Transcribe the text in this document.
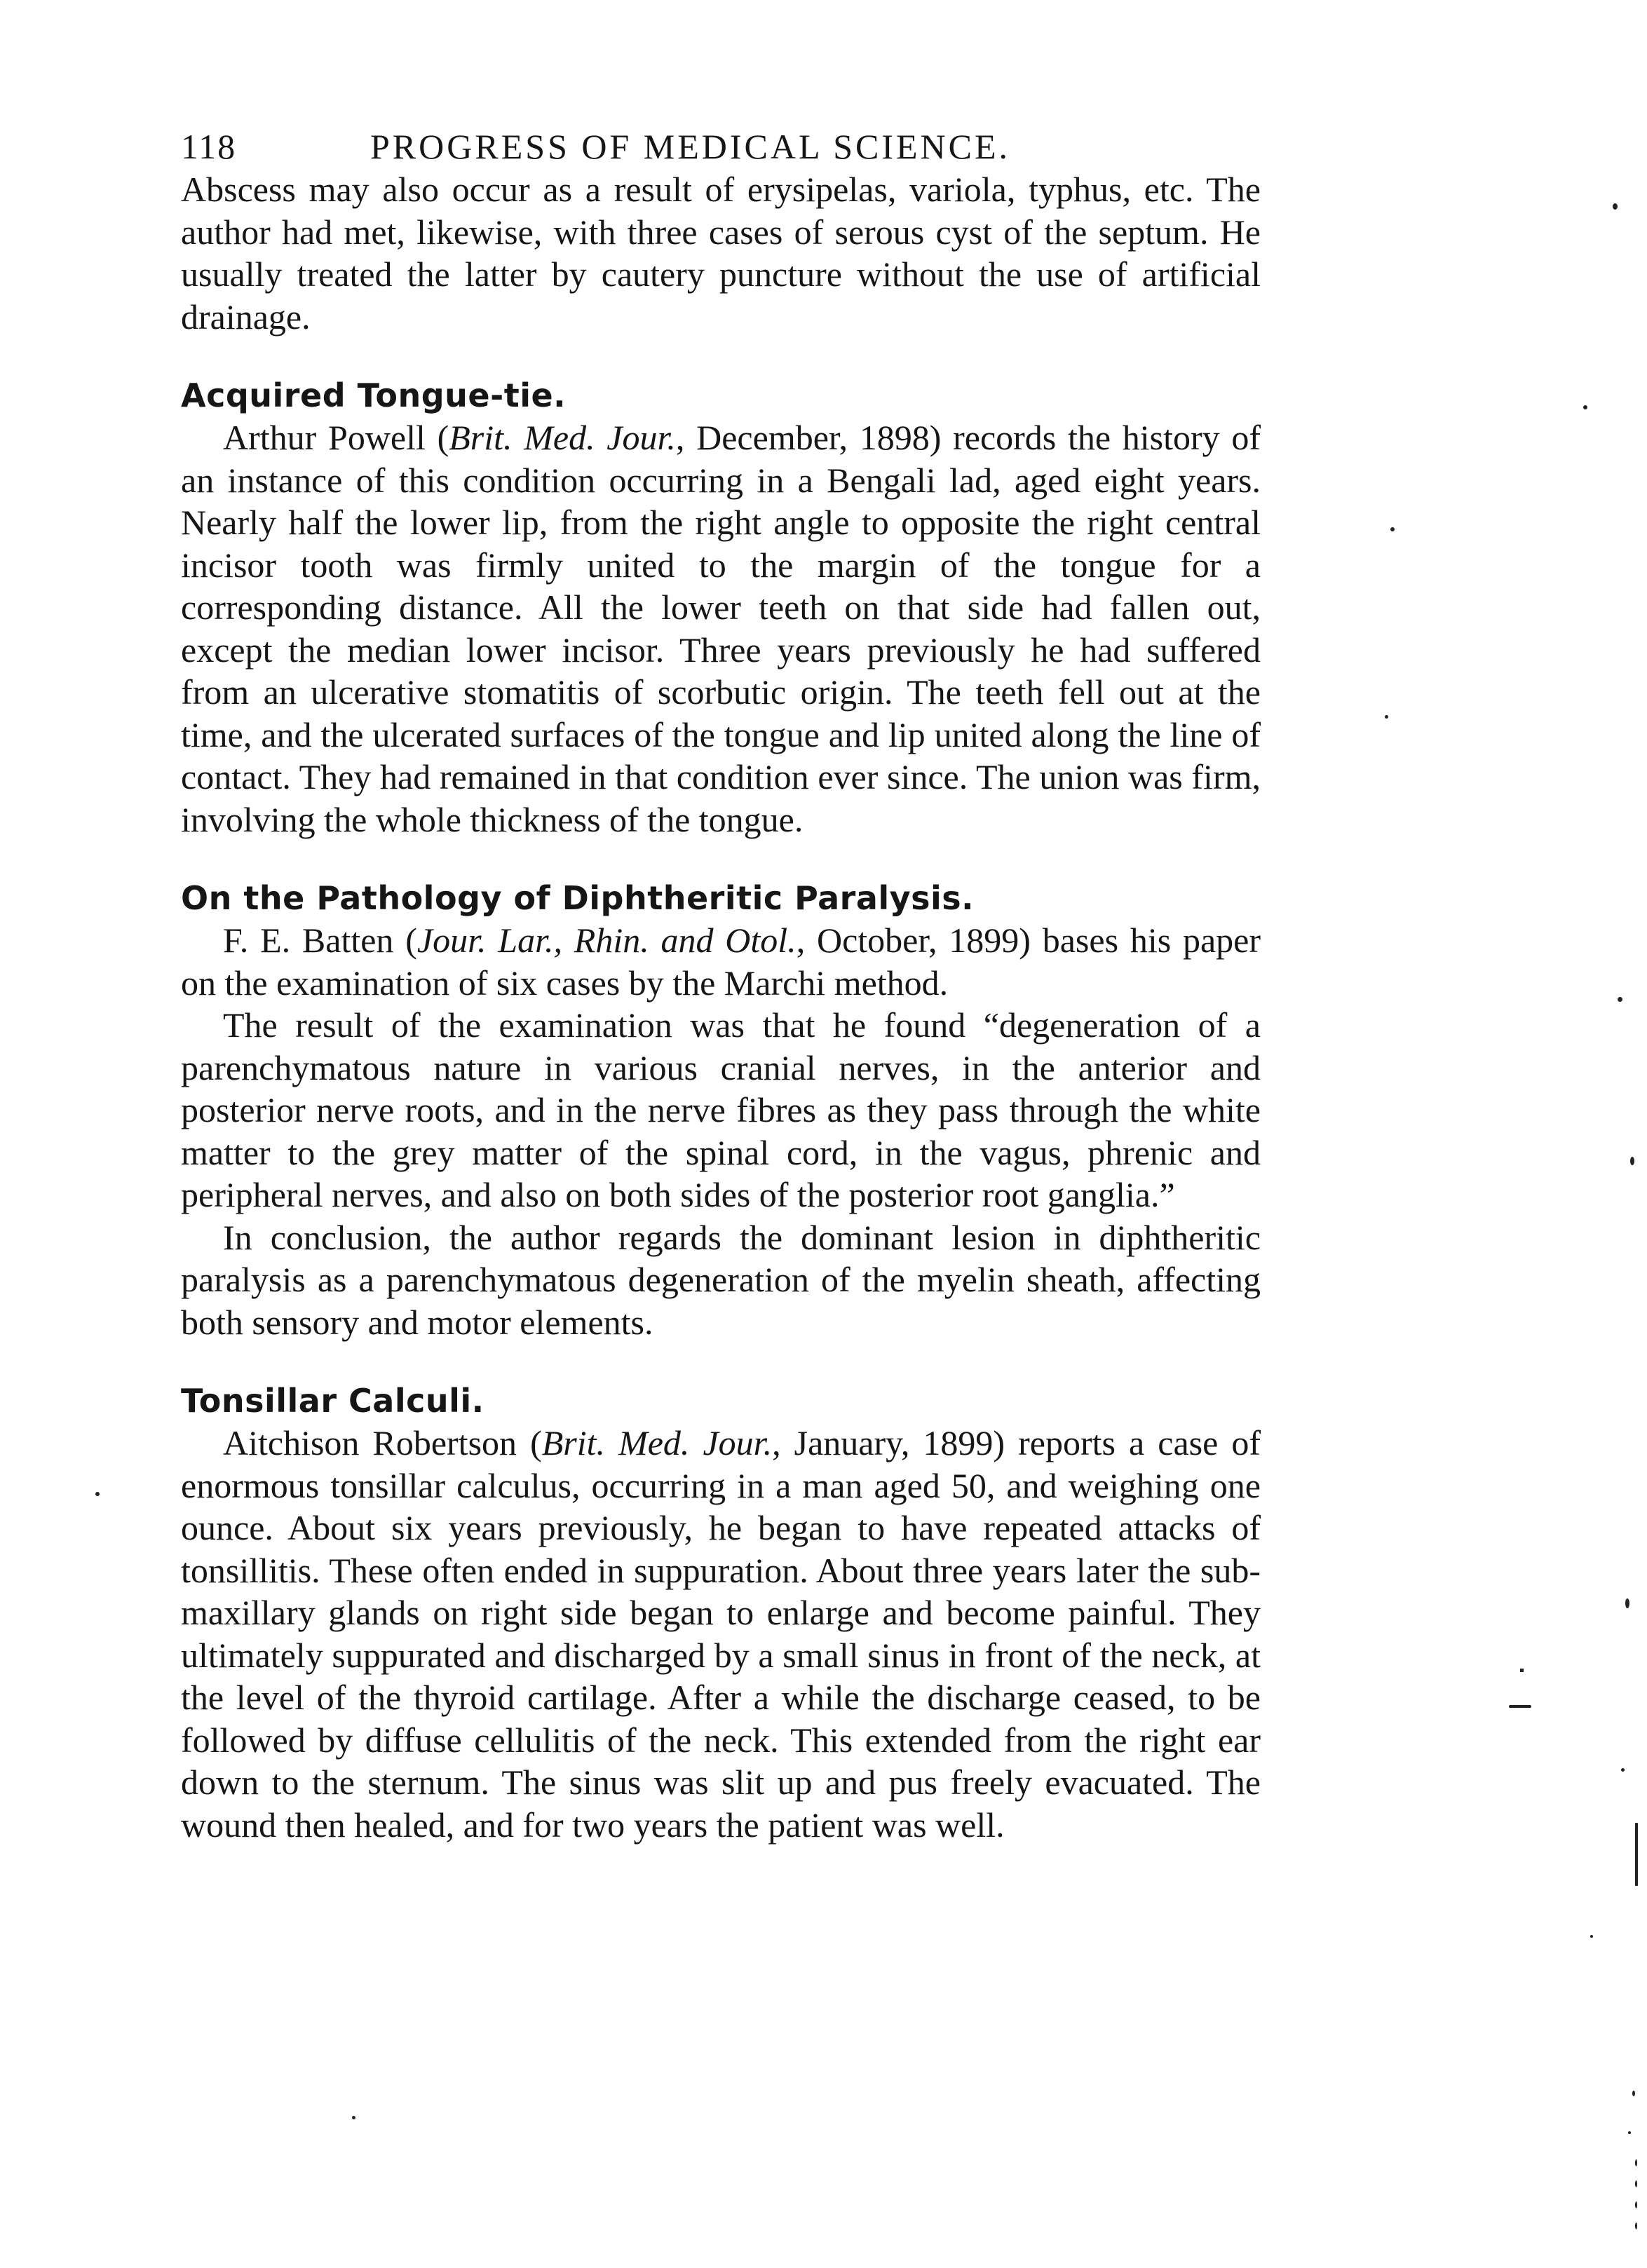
118	PROGRESS OF MEDICAL SCIENCE.

Abscess may also occur as a result of erysipelas, variola, typhus, etc. The author had met, likewise, with three cases of serous cyst of the septum. He usually treated the latter by cautery puncture without the use of artificial drainage.

Acquired Tongue-tie.

Arthur Powell (Brit. Med. Jour., December, 1898) records the history of an instance of this condition occurring in a Bengali lad, aged eight years. Nearly half the lower lip, from the right angle to opposite the right central incisor tooth was firmly united to the margin of the tongue for a corresponding distance. All the lower teeth on that side had fallen out, except the median lower incisor. Three years previously he had suffered from an ulcerative stomatitis of scorbutic origin. The teeth fell out at the time, and the ulcerated surfaces of the tongue and lip united along the line of contact. They had remained in that condition ever since. The union was firm, involving the whole thickness of the tongue.

On the Pathology of Diphtheritic Paralysis.

F. E. Batten (Jour. Lar., Rhin. and Otol., October, 1899) bases his paper on the examination of six cases by the Marchi method.

The result of the examination was that he found “degeneration of a parenchymatous nature in various cranial nerves, in the anterior and posterior nerve roots, and in the nerve fibres as they pass through the white matter to the grey matter of the spinal cord, in the vagus, phrenic and peripheral nerves, and also on both sides of the posterior root ganglia.”

In conclusion, the author regards the dominant lesion in diphtheritic paralysis as a parenchymatous degeneration of the myelin sheath, affecting both sensory and motor elements.

Tonsillar Calculi.

Aitchison Robertson (Brit. Med. Jour., January, 1899) reports a case of enormous tonsillar calculus, occurring in a man aged 50, and weighing one ounce. About six years previously, he began to have repeated attacks of tonsillitis. These often ended in suppuration. About three years later the sub-maxillary glands on right side began to enlarge and become painful. They ultimately suppurated and discharged by a small sinus in front of the neck, at the level of the thyroid cartilage. After a while the discharge ceased, to be followed by diffuse cellulitis of the neck. This extended from the right ear down to the sternum. The sinus was slit up and pus freely evacuated. The wound then healed, and for two years the patient was well.
